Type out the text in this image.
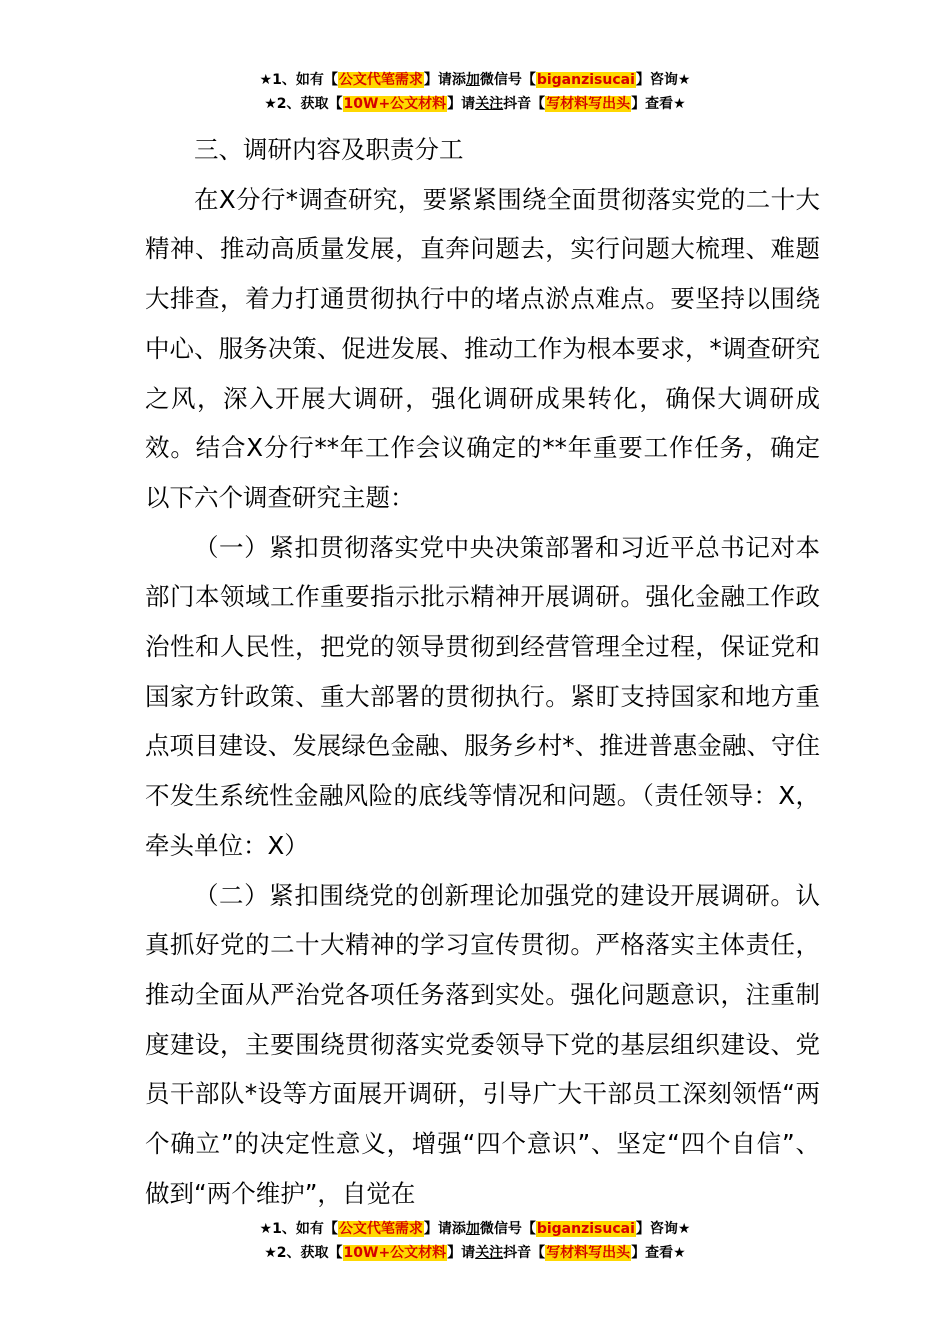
★1、如有【公文代笔需求】请添加微信号【biganzisucai】咨询★
★2、获取【10W+公文材料】请关注抖音【写材料写出头】查看★

三、调研内容及职责分工

在X分行*调查研究，要紧紧围绕全面贯彻落实党的二十大精神、推动高质量发展，直奔问题去，实行问题大梳理、难题大排查，着力打通贯彻执行中的堵点淤点难点。要坚持以围绕中心、服务决策、促进发展、推动工作为根本要求，*调查研究之风，深入开展大调研，强化调研成果转化，确保大调研成效。结合X分行**年工作会议确定的**年重要工作任务，确定以下六个调查研究主题：

（一）紧扣贯彻落实党中央决策部署和习近平总书记对本部门本领域工作重要指示批示精神开展调研。强化金融工作政治性和人民性，把党的领导贯彻到经营管理全过程，保证党和国家方针政策、重大部署的贯彻执行。紧盯支持国家和地方重点项目建设、发展绿色金融、服务乡村*、推进普惠金融、守住不发生系统性金融风险的底线等情况和问题。（责任领导：X，牵头单位：X）

（二）紧扣围绕党的创新理论加强党的建设开展调研。认真抓好党的二十大精神的学习宣传贯彻。严格落实主体责任，推动全面从严治党各项任务落到实处。强化问题意识，注重制度建设，主要围绕贯彻落实党委领导下党的基层组织建设、党员干部队*设等方面展开调研，引导广大干部员工深刻领悟“两个确立”的决定性意义，增强“四个意识”、坚定“四个自信”、做到“两个维护”，自觉在

★1、如有【公文代笔需求】请添加微信号【biganzisucai】咨询★
★2、获取【10W+公文材料】请关注抖音【写材料写出头】查看★
